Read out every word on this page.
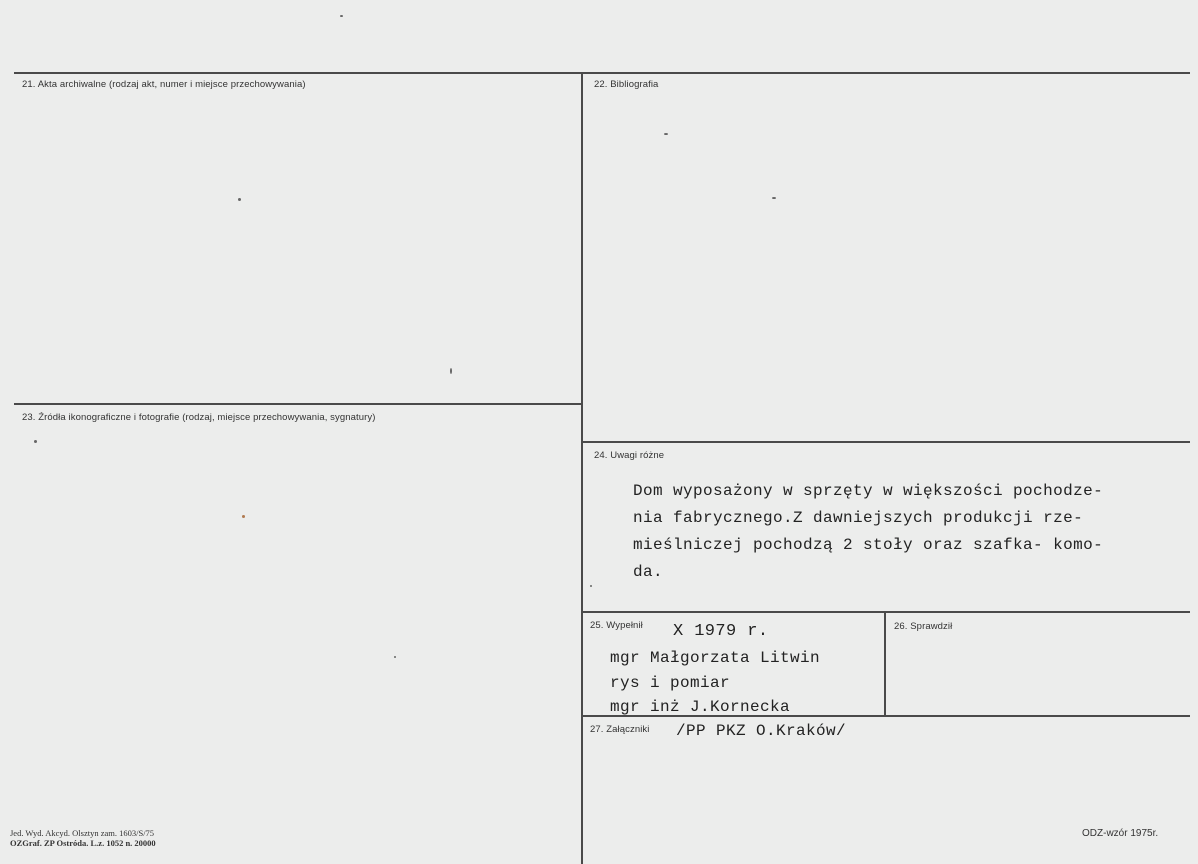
21. Akta archiwalne (rodzaj akt, numer i miejsce przechowywania)	22. Bibliografia
23. Źródła ikonograficzne i fotografie (rodzaj, miejsce przechowywania, sygnatury)
24. Uwagi różne
25. Wypełnił	26. Sprawdził
27. Załączniki
Dom wyposażony w sprzęty w większości pochodze-
nia fabrycznego.Z dawniejszych produkcji rze-
mieślniczej pochodzą 2 stoły oraz szafka- komo-
da.
X 1979 r.
mgr Małgorzata Litwin
rys i pomiar
mgr inż J.Kornecka
/PP PKZ O.Kraków/
Jed. Wyd. Akcyd. Olsztyn zam. 1603/S/75
OZGraf. ZP Ostróda. L.z. 1052 n. 20000
ODZ-wzór 1975r.
